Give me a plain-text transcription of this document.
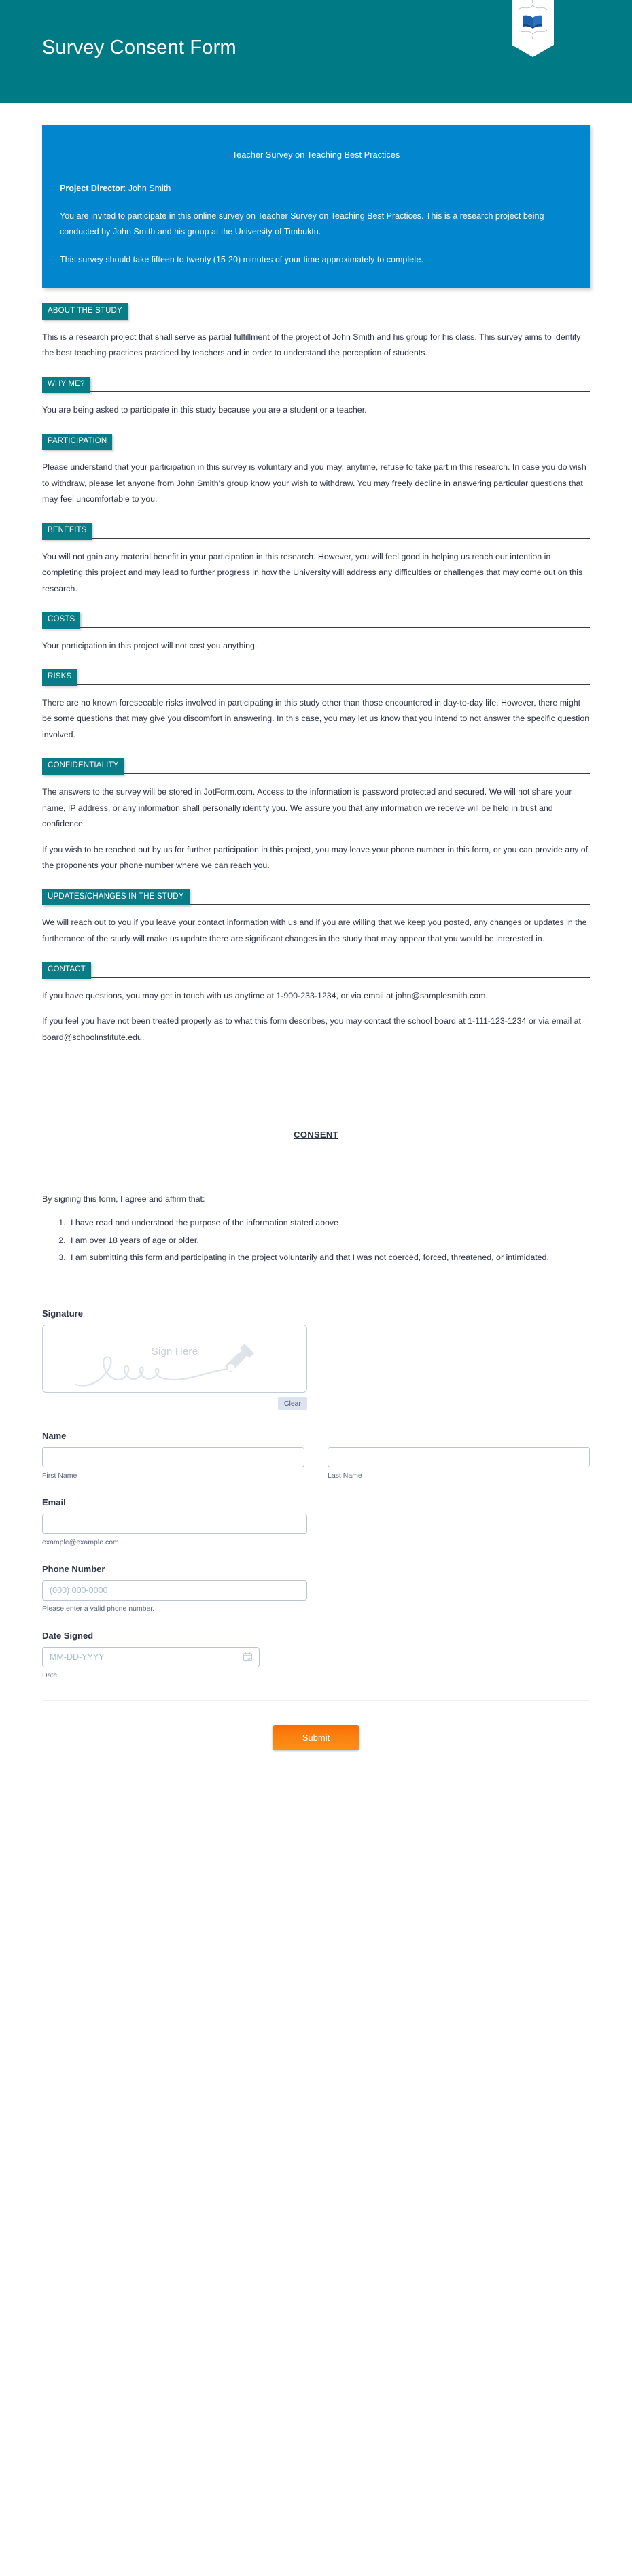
Survey Consent Form
Teacher Survey on Teaching Best Practices

Project Director: John Smith

You are invited to participate in this online survey on Teacher Survey on Teaching Best Practices. This is a research project being conducted by John Smith and his group at the University of Timbuktu.

This survey should take fifteen to twenty (15-20) minutes of your time approximately to complete.

ABOUT THE STUDY

This is a research project that shall serve as partial fulfillment of the project of John Smith and his group for his class. This survey aims to identify the best teaching practices practiced by teachers and in order to understand the perception of students.

WHY ME?

You are being asked to participate in this study because you are a student or a teacher.

PARTICIPATION

Please understand that your participation in this survey is voluntary and you may, anytime, refuse to take part in this research. In case you do wish to withdraw, please let anyone from John Smith's group know your wish to withdraw. You may freely decline in answering particular questions that may feel uncomfortable to you.

BENEFITS

You will not gain any material benefit in your participation in this research. However, you will feel good in helping us reach our intention in completing this project and may lead to further progress in how the University will address any difficulties or challenges that may come out on this research.

COSTS

Your participation in this project will not cost you anything.

RISKS

There are no known foreseeable risks involved in participating in this study other than those encountered in day-to-day life. However, there might be some questions that may give you discomfort in answering. In this case, you may let us know that you intend to not answer the specific question involved.

CONFIDENTIALITY

The answers to the survey will be stored in JotForm.com. Access to the information is password protected and secured. We will not share your name, IP address, or any information shall personally identify you. We assure you that any information we receive will be held in trust and confidence.

If you wish to be reached out by us for further participation in this project, you may leave your phone number in this form, or you can provide any of the proponents your phone number where we can reach you.

UPDATES/CHANGES IN THE STUDY

We will reach out to you if you leave your contact information with us and if you are willing that we keep you posted, any changes or updates in the furtherance of the study will make us update there are significant changes in the study that may appear that you would be interested in.

CONTACT

If you have questions, you may get in touch with us anytime at 1-900-233-1234, or via email at john@samplesmith.com.

If you feel you have not been treated properly as to what this form describes, you may contact the school board at 1-111-123-1234 or via email at board@schoolinstitute.edu.

CONSENT

By signing this form, I agree and affirm that:

1. I have read and understood the purpose of the information stated above
2. I am over 18 years of age or older.
3. I am submitting this form and participating in the project voluntarily and that I was not coerced, forced, threatened, or intimidated.
Signature
Sign Here
Clear
Name
First Name	Last Name
Email
example@example.com
Phone Number
(000) 000-0000
Please enter a valid phone number.
Date Signed
MM-DD-YYYY
Date
Submit
